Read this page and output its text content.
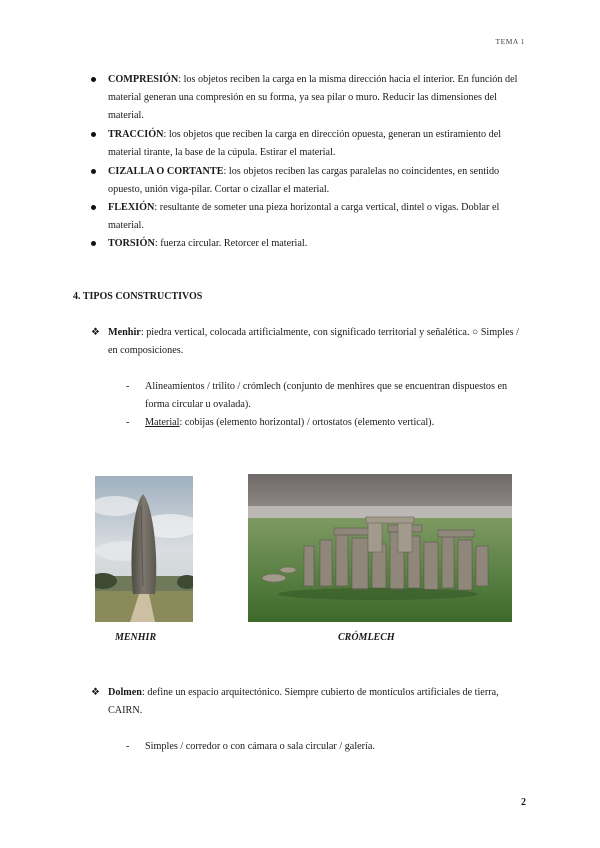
TEMA 1
COMPRESIÓN: los objetos reciben la carga en la misma dirección hacia el interior. En función del material generan una compresión en su forma, ya sea pilar o muro. Reducir las dimensiones del material.
TRACCIÓN: los objetos que reciben la carga en dirección opuesta, generan un estiramiento del material tirante, la base de la cúpula. Estirar el material.
CIZALLA O CORTANTE: los objetos reciben las cargas paralelas no coincidentes, en sentido opuesto, unión viga-pilar. Cortar o cizallar el material.
FLEXIÓN: resultante de someter una pieza horizontal a carga vertical, dintel o vigas. Doblar el material.
TORSIÓN: fuerza circular. Retorcer el material.
4. TIPOS CONSTRUCTIVOS
❖ Menhir: piedra vertical, colocada artificialmente, con significado territorial y señalética. ○ Simples / en composiciones.
- Alineamientos / trilito / crómlech (conjunto de menhires que se encuentran dispuestos en forma circular u ovalada).
- Material: cobijas (elemento horizontal) / ortostatos (elemento vertical).
MENHIR	CRÓMLECH
❖ Dolmen: define un espacio arquitectónico. Siempre cubierto de montículos artificiales de tierra, CAIRN.
- Simples / corredor o con cámara o sala circular / galería.
2
